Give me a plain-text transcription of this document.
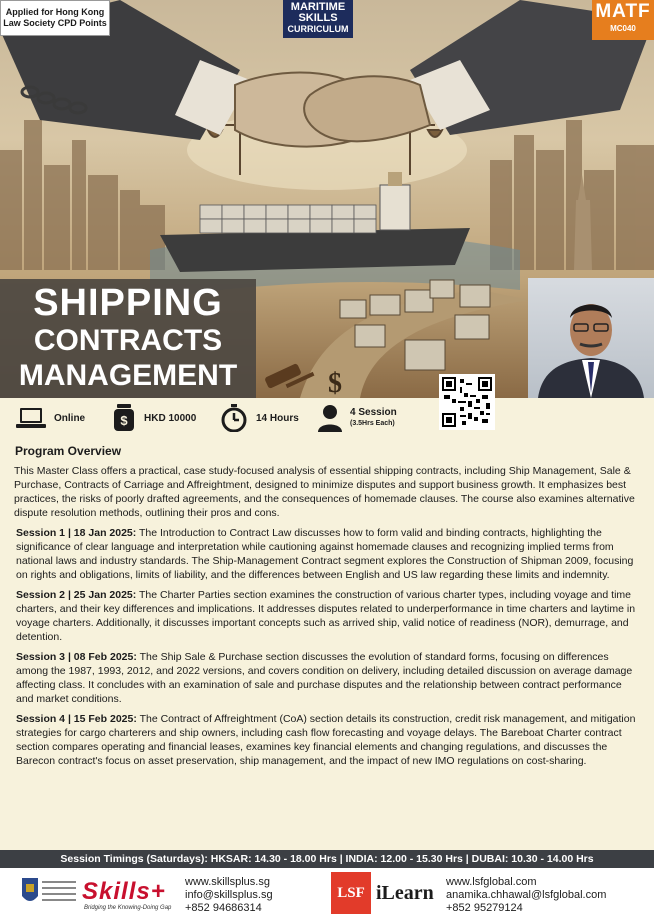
$
Applied for Hong Kong Law Society CPD Points
MARITIME
SKILLS
CURRICULUM
MATF
MC040
SHIPPING
CONTRACTS
MANAGEMENT
Online	$ HKD 10000	14 Hours	4 Session
(3.5Hrs Each)
Program Overview

This Master Class offers a practical, case study-focused analysis of essential shipping contracts, including Ship Management, Sale & Purchase, Contracts of Carriage and Affreightment, designed to minimize disputes and support business growth. It emphasizes best practices, the risks of poorly drafted agreements, and the consequences of homemade clauses. The course also examines alternative dispute resolution methods, outlining their pros and cons.

Session 1 | 18 Jan 2025: The Introduction to Contract Law discusses how to form valid and binding contracts, highlighting the significance of clear language and interpretation while cautioning against homemade clauses and recognizing implied terms from national laws and industry standards. The Ship-Management Contract segment explores the Construction of Shipman 2009, focusing on rights and obligations, limits of liability, and the differences between English and US law regarding these limits and indemnity.

Session 2 | 25 Jan 2025: The Charter Parties section examines the construction of various charter types, including voyage and time charters, and their key differences and implications. It addresses disputes related to underperformance in time charters and laytime in voyage charters. Additionally, it discusses important concepts such as arrived ship, valid notice of readiness (NOR), demurrage, and detention.

Session 3 | 08 Feb 2025: The Ship Sale & Purchase section discusses the evolution of standard forms, focusing on differences among the 1987, 1993, 2012, and 2022 versions, and covers condition on delivery, including detailed discussion on average damage affecting class. It concludes with an examination of sale and purchase disputes and the relationship between contract performance and market conditions.

Session 4 | 15 Feb 2025: The Contract of Affreightment (CoA) section details its construction, credit risk management, and mitigation strategies for cargo charterers and ship owners, including cash flow forecasting and voyage delays. The Bareboat Charter contract section compares operating and financial leases, examines key financial elements and changing regulations, and discusses the Barecon contract's focus on asset preservation, ship management, and the impact of new IMO regulations on cost-sharing.

Session Timings (Saturdays): HKSAR: 14.30 - 18.00 Hrs | INDIA: 12.00 - 15.30 Hrs | DUBAI: 10.30 - 14.00 Hrs
Skills+
Bridging the Knowing-Doing Gap
www.skillsplus.sg
info@skillsplus.sg
+852 94686314
LSF iLearn www.lsfglobal.com
anamika.chhawal@lsfglobal.com
+852 95279124
